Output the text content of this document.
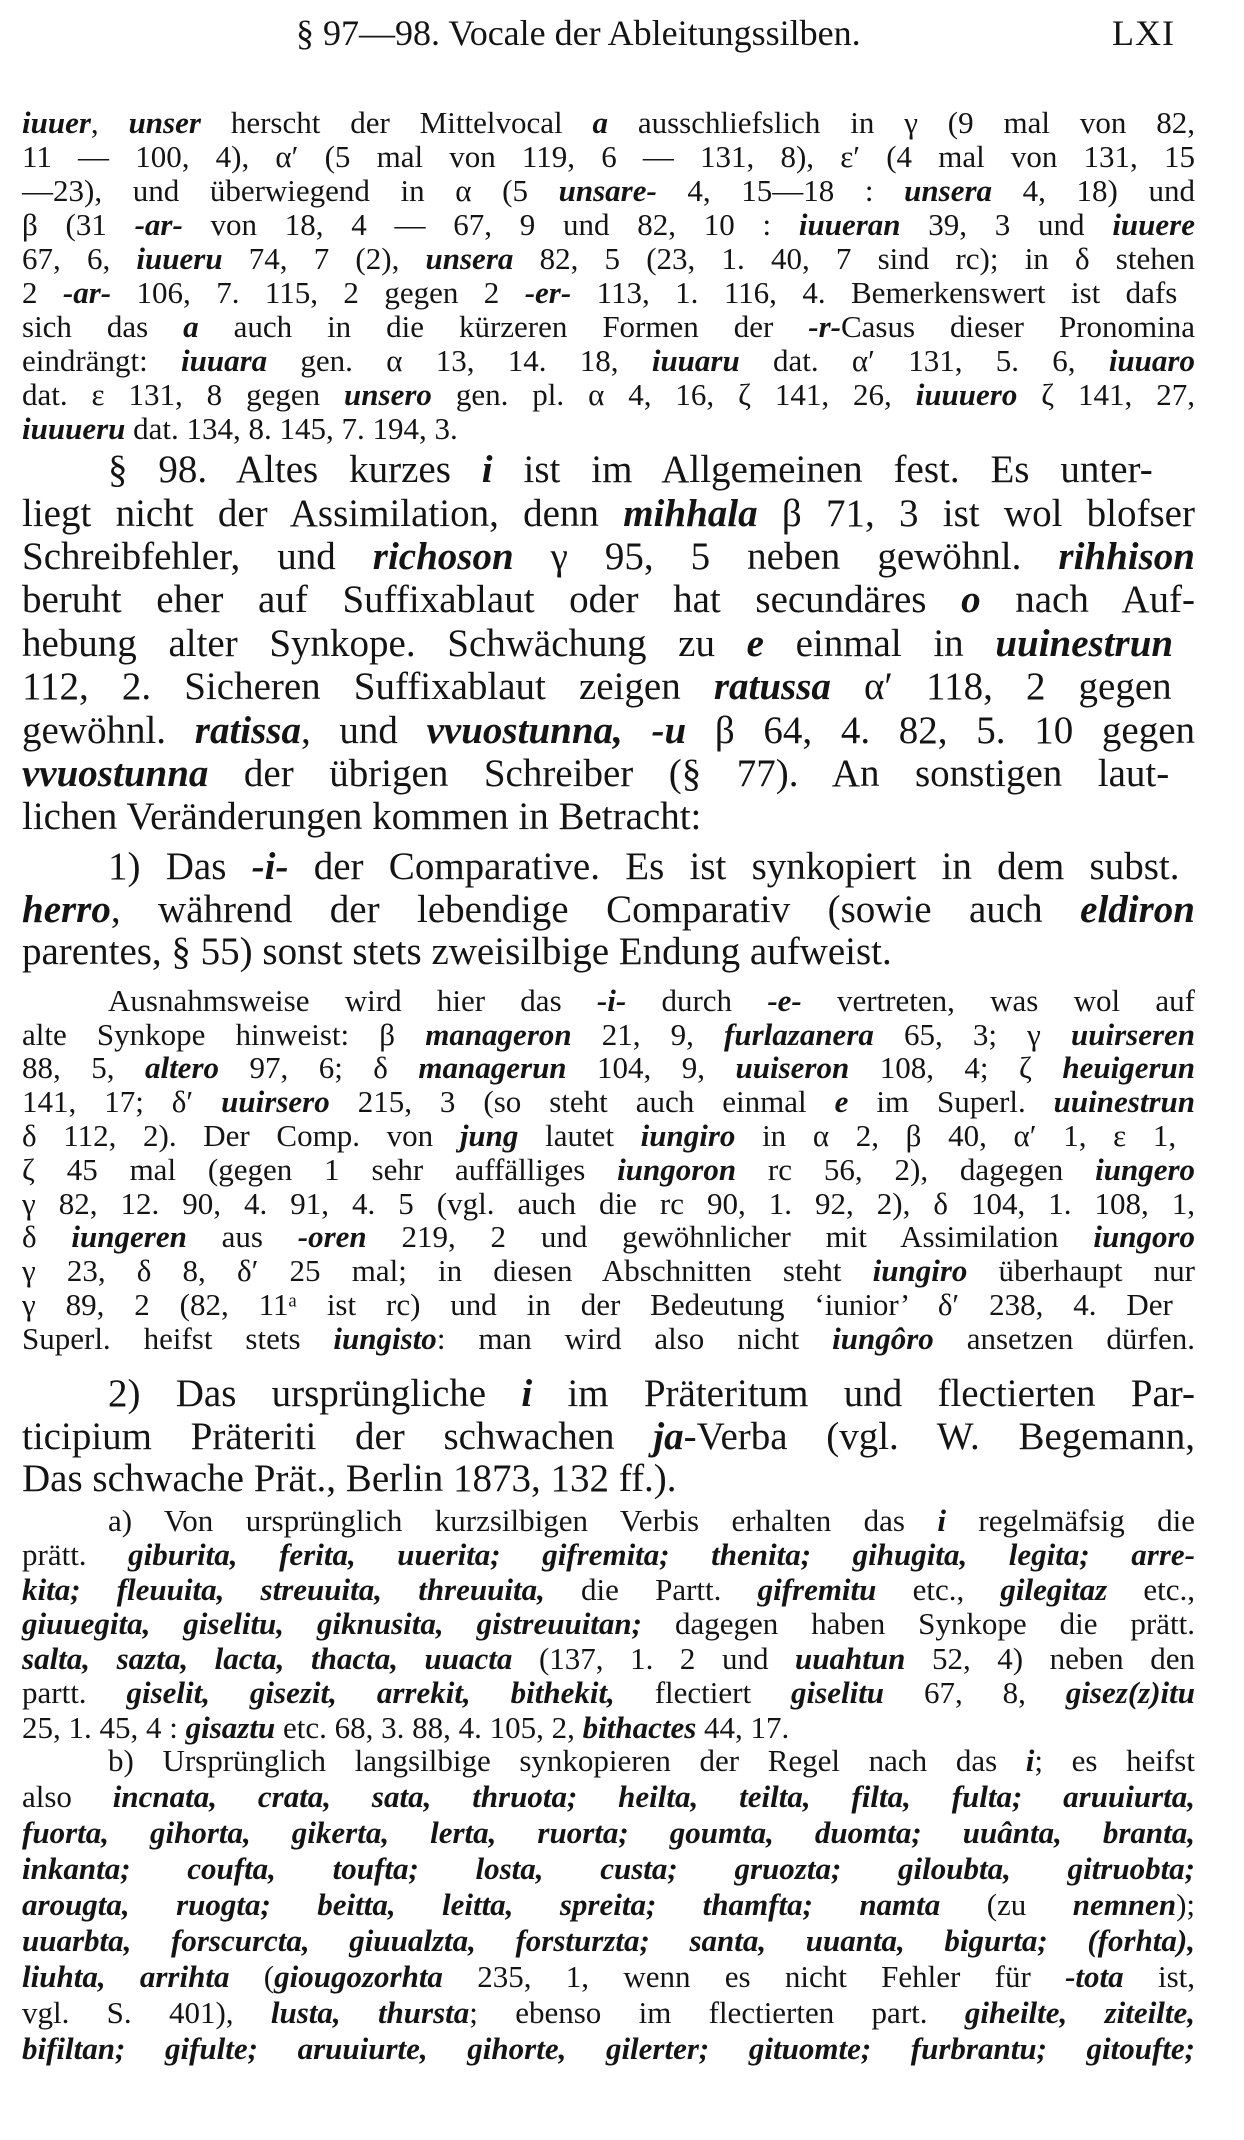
§ 97—98. Vocale der Ableitungssilben.	LXI
iuuer, unser herscht der Mittelvocal a ausschliefslich in γ (9 mal von 82,
11 — 100, 4), α′ (5 mal von 119, 6 — 131, 8), ε′ (4 mal von 131, 15
—23), und überwiegend in α (5 unsare- 4, 15—18 : unsera 4, 18) und
β (31 -ar- von 18, 4 — 67, 9 und 82, 10 : iuueran 39, 3 und iuuere
67, 6, iuueru 74, 7 (2), unsera 82, 5 (23, 1. 40, 7 sind rc); in δ stehen
2 -ar- 106, 7. 115, 2 gegen 2 -er- 113, 1. 116, 4. Bemerkenswert ist dafs
sich das a auch in die kürzeren Formen der -r-Casus dieser Pronomina
eindrängt: iuuara gen. α 13, 14. 18, iuuaru dat. α′ 131, 5. 6, iuuaro
dat. ε 131, 8 gegen unsero gen. pl. α 4, 16, ζ 141, 26, iuuuero ζ 141, 27,
iuuueru dat. 134, 8. 145, 7. 194, 3.
§ 98. Altes kurzes i ist im Allgemeinen fest. Es unter-
liegt nicht der Assimilation, denn mihhala β 71, 3 ist wol blofser
Schreibfehler, und richoson γ 95, 5 neben gewöhnl. rihhison
beruht eher auf Suffixablaut oder hat secundäres o nach Auf-
hebung alter Synkope. Schwächung zu e einmal in uuinestrun
112, 2. Sicheren Suffixablaut zeigen ratussa α′ 118, 2 gegen
gewöhnl. ratissa, und vvuostunna, -u β 64, 4. 82, 5. 10 gegen
vvuostunna der übrigen Schreiber (§ 77). An sonstigen laut-
lichen Veränderungen kommen in Betracht:
1) Das -i- der Comparative. Es ist synkopiert in dem subst.
herro, während der lebendige Comparativ (sowie auch eldiron
parentes, § 55) sonst stets zweisilbige Endung aufweist.
Ausnahmsweise wird hier das -i- durch -e- vertreten, was wol auf
alte Synkope hinweist: β manageron 21, 9, furlazanera 65, 3; γ uuirseren
88, 5, altero 97, 6; δ managerun 104, 9, uuiseron 108, 4; ζ heuigerun
141, 17; δ′ uuirsero 215, 3 (so steht auch einmal e im Superl. uuinestrun
δ 112, 2). Der Comp. von jung lautet iungiro in α 2, β 40, α′ 1, ε 1,
ζ 45 mal (gegen 1 sehr auffälliges iungoron rc 56, 2), dagegen iungero
γ 82, 12. 90, 4. 91, 4. 5 (vgl. auch die rc 90, 1. 92, 2), δ 104, 1. 108, 1,
δ iungeren aus -oren 219, 2 und gewöhnlicher mit Assimilation iungoro
γ 23, δ 8, δ′ 25 mal; in diesen Abschnitten steht iungiro überhaupt nur
γ 89, 2 (82, 11ᵃ ist rc) und in der Bedeutung ‘iunior’ δ′ 238, 4. Der
Superl. heifst stets iungisto: man wird also nicht iungôro ansetzen dürfen.
2) Das ursprüngliche i im Präteritum und flectierten Par-
ticipium Präteriti der schwachen ja-Verba (vgl. W. Begemann,
Das schwache Prät., Berlin 1873, 132 ff.).
a) Von ursprünglich kurzsilbigen Verbis erhalten das i regelmäfsig die
prätt. giburita, ferita, uuerita; gifremita; thenita; gihugita, legita; arre-
kita; fleuuita, streuuita, threuuita, die Partt. gifremitu etc., gilegitaz etc.,
giuuegita, giselitu, giknusita, gistreuuitan; dagegen haben Synkope die prätt.
salta, sazta, lacta, thacta, uuacta (137, 1. 2 und uuahtun 52, 4) neben den
partt. giselit, gisezit, arrekit, bithekit, flectiert giselitu 67, 8, gisez(z)itu
25, 1. 45, 4 : gisaztu etc. 68, 3. 88, 4. 105, 2, bithactes 44, 17.
b) Ursprünglich langsilbige synkopieren der Regel nach das i; es heifst
also incnata, crata, sata, thruota; heilta, teilta, filta, fulta; aruuiurta,
fuorta, gihorta, gikerta, lerta, ruorta; goumta, duomta; uuânta, branta,
inkanta; coufta, toufta; losta, custa; gruozta; giloubta, gitruobta;
arougta, ruogta; beitta, leitta, spreita; thamfta; namta (zu nemnen);
uuarbta, forscurcta, giuualzta, forsturzta; santa, uuanta, bigurta; (forhta),
liuhta, arrihta (giougozorhta 235, 1, wenn es nicht Fehler für -tota ist,
vgl. S. 401), lusta, thursta; ebenso im flectierten part. giheilte, ziteilte,
bifiltan; gifulte; aruuiurte, gihorte, gilerter; gituomte; furbrantu; gitoufte;
